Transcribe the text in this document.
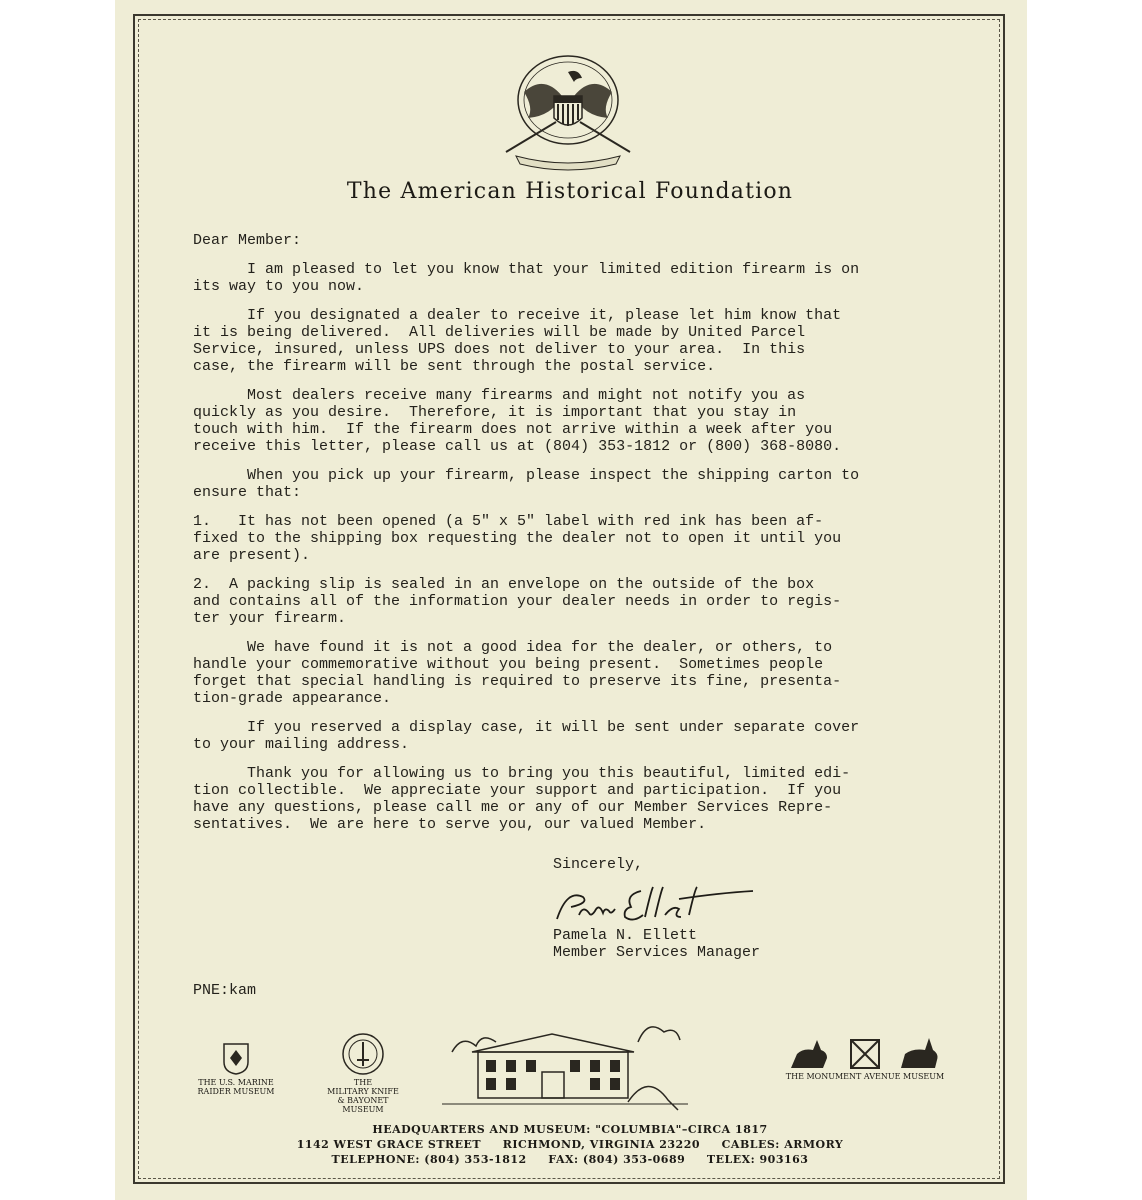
The American Historical Foundation

Dear Member:

I am pleased to let you know that your limited edition firearm is on
its way to you now.

If you designated a dealer to receive it, please let him know that
it is being delivered.  All deliveries will be made by United Parcel
Service, insured, unless UPS does not deliver to your area.  In this
case, the firearm will be sent through the postal service.

Most dealers receive many firearms and might not notify you as
quickly as you desire.  Therefore, it is important that you stay in
touch with him.  If the firearm does not arrive within a week after you
receive this letter, please call us at (804) 353-1812 or (800) 368-8080.

When you pick up your firearm, please inspect the shipping carton to
ensure that:

1.   It has not been opened (a 5" x 5" label with red ink has been af-
fixed to the shipping box requesting the dealer not to open it until you
are present).

2.  A packing slip is sealed in an envelope on the outside of the box
and contains all of the information your dealer needs in order to regis-
ter your firearm.

We have found it is not a good idea for the dealer, or others, to
handle your commemorative without you being present.  Sometimes people
forget that special handling is required to preserve its fine, presenta-
tion-grade appearance.

If you reserved a display case, it will be sent under separate cover
to your mailing address.

Thank you for allowing us to bring you this beautiful, limited edi-
tion collectible.  We appreciate your support and participation.  If you
have any questions, please call me or any of our Member Services Repre-
sentatives.  We are here to serve you, our valued Member.

Sincerely,

Pamela N. Ellett

Member Services Manager

PNE:kam

THE U.S. MARINE
RAIDER MUSEUM
THE
MILITARY KNIFE
& BAYONET MUSEUM
THE MONUMENT AVENUE MUSEUM
HEADQUARTERS AND MUSEUM: "COLUMBIA"–CIRCA 1817
1142 WEST GRACE STREET     RICHMOND, VIRGINIA 23220     CABLES: ARMORY
TELEPHONE: (804) 353-1812     FAX: (804) 353-0689     TELEX: 903163
